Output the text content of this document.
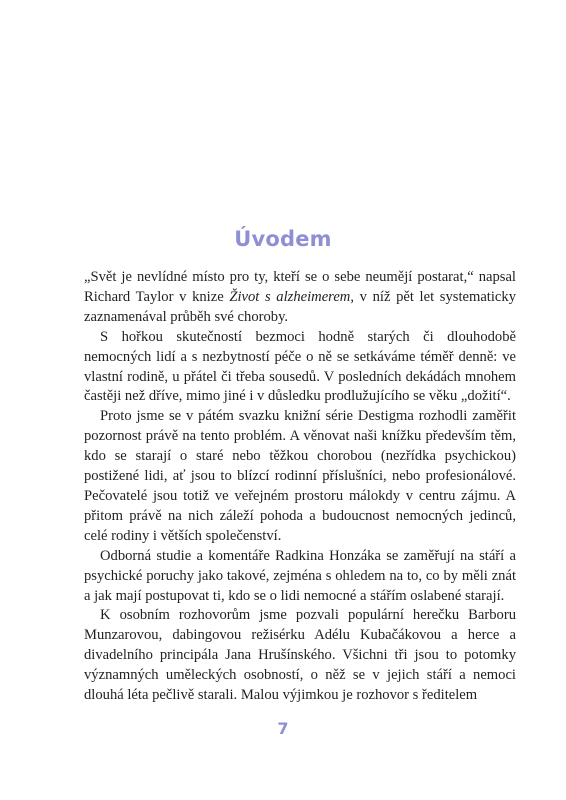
Úvodem

„Svět je nevlídné místo pro ty, kteří se o sebe neumějí postarat,“ napsal Richard Taylor v knize Život s alzheimerem, v níž pět let systematicky zaznamenával průběh své choroby.

S hořkou skutečností bezmoci hodně starých či dlouhodobě nemocných lidí a s nezbytností péče o ně se setkáváme téměř denně: ve vlastní rodině, u přátel či třeba sousedů. V posledních dekádách mnohem častěji než dříve, mimo jiné i v důsledku prodlužujícího se věku „dožití“.

Proto jsme se v pátém svazku knižní série Destigma rozhodli zaměřit pozornost právě na tento problém. A věnovat naši knížku především těm, kdo se starají o staré nebo těžkou chorobou (nezřídka psychickou) postižené lidi, ať jsou to blízcí rodinní příslušníci, nebo profesionálové. Pečovatelé jsou totiž ve veřejném prostoru málokdy v centru zájmu. A přitom právě na nich záleží pohoda a budoucnost nemocných jedinců, celé rodiny i větších společenství.

Odborná studie a komentáře Radkina Honzáka se zaměřují na stáří a psychické poruchy jako takové, zejména s ohledem na to, co by měli znát a jak mají postupovat ti, kdo se o lidi nemocné a stářím oslabené starají.

K osobním rozhovorům jsme pozvali populární herečku Barboru Munzarovou, dabingovou režisérku Adélu Kubačákovou a herce a divadelního principála Jana Hrušínského. Všichni tři jsou to potomky významných uměleckých osobností, o něž se v jejich stáří a nemoci dlouhá léta pečlivě starali. Malou výjimkou je rozhovor s ředitelem

7
